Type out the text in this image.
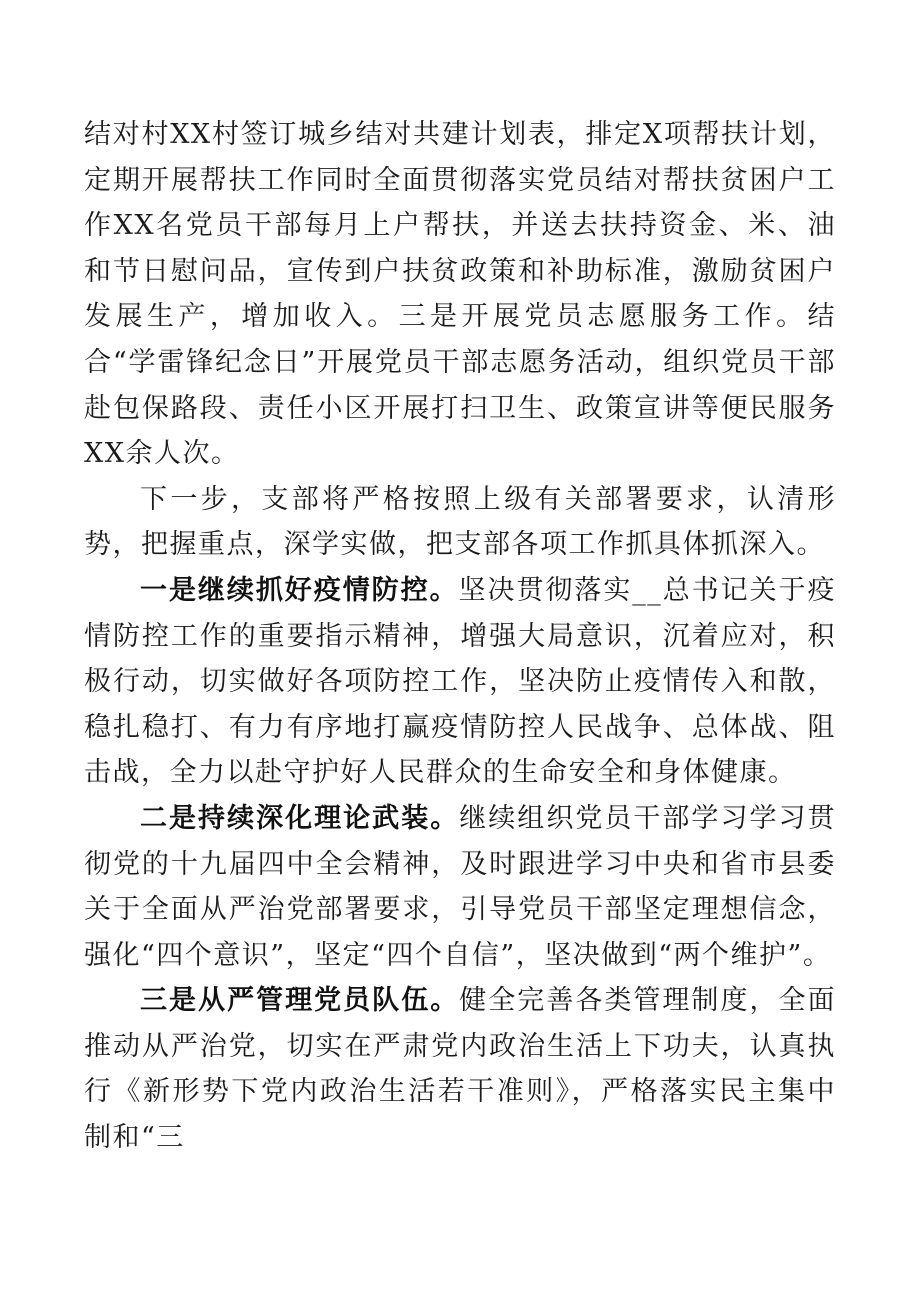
结对村XX村签订城乡结对共建计划表，排定X项帮扶计划，定期开展帮扶工作同时全面贯彻落实党员结对帮扶贫困户工作XX名党员干部每月上户帮扶，并送去扶持资金、米、油和节日慰问品，宣传到户扶贫政策和补助标准，激励贫困户发展生产，增加收入。三是开展党员志愿服务工作。结合“学雷锋纪念日”开展党员干部志愿务活动，组织党员干部赴包保路段、责任小区开展打扫卫生、政策宣讲等便民服务XX余人次。

下一步，支部将严格按照上级有关部署要求，认清形势，把握重点，深学实做，把支部各项工作抓具体抓深入。

一是继续抓好疫情防控。坚决贯彻落实__总书记关于疫情防控工作的重要指示精神，增强大局意识，沉着应对，积极行动，切实做好各项防控工作，坚决防止疫情传入和散，稳扎稳打、有力有序地打赢疫情防控人民战争、总体战、阻击战，全力以赴守护好人民群众的生命安全和身体健康。

二是持续深化理论武装。继续组织党员干部学习学习贯彻党的十九届四中全会精神，及时跟进学习中央和省市县委关于全面从严治党部署要求，引导党员干部坚定理想信念，强化“四个意识”，坚定“四个自信”，坚决做到“两个维护”。

三是从严管理党员队伍。健全完善各类管理制度，全面推动从严治党，切实在严肃党内政治生活上下功夫，认真执行《新形势下党内政治生活若干准则》，严格落实民主集中制和“三
